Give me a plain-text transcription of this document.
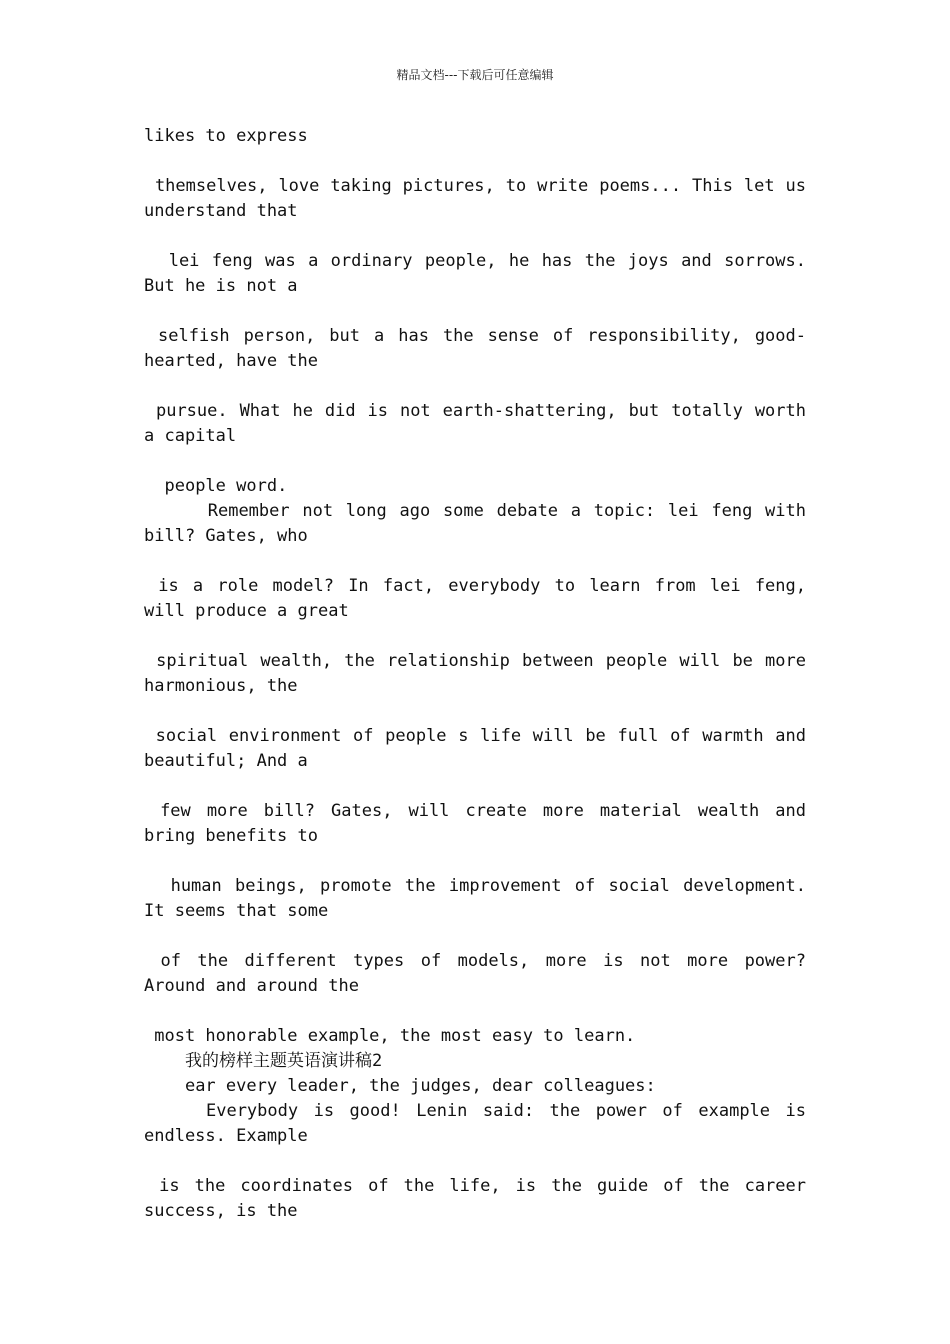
精品文档---下载后可任意编辑

likes to express

themselves, love taking pictures, to write poems... This let us understand that

lei feng was a ordinary people, he has the joys and sorrows. But he is not a

selfish person, but a has the sense of responsibility, good-hearted, have the

pursue. What he did is not earth-shattering, but totally worth a capital

people word.

Remember not long ago some debate a topic: lei feng with bill? Gates, who

is a role model? In fact, everybody to learn from lei feng, will produce a great

spiritual wealth, the relationship between people will be more harmonious, the

social environment of people s life will be full of warmth and beautiful; And a

few more bill? Gates, will create more material wealth and bring benefits to

human beings, promote the improvement of social development. It seems that some

of the different types of models, more is not more power? Around and around the

most honorable example, the most easy to learn.

我的榜样主题英语演讲稿2

ear every leader, the judges, dear colleagues:

Everybody is good! Lenin said: the power of example is endless. Example

is the coordinates of the life, is the guide of the career success, is the
